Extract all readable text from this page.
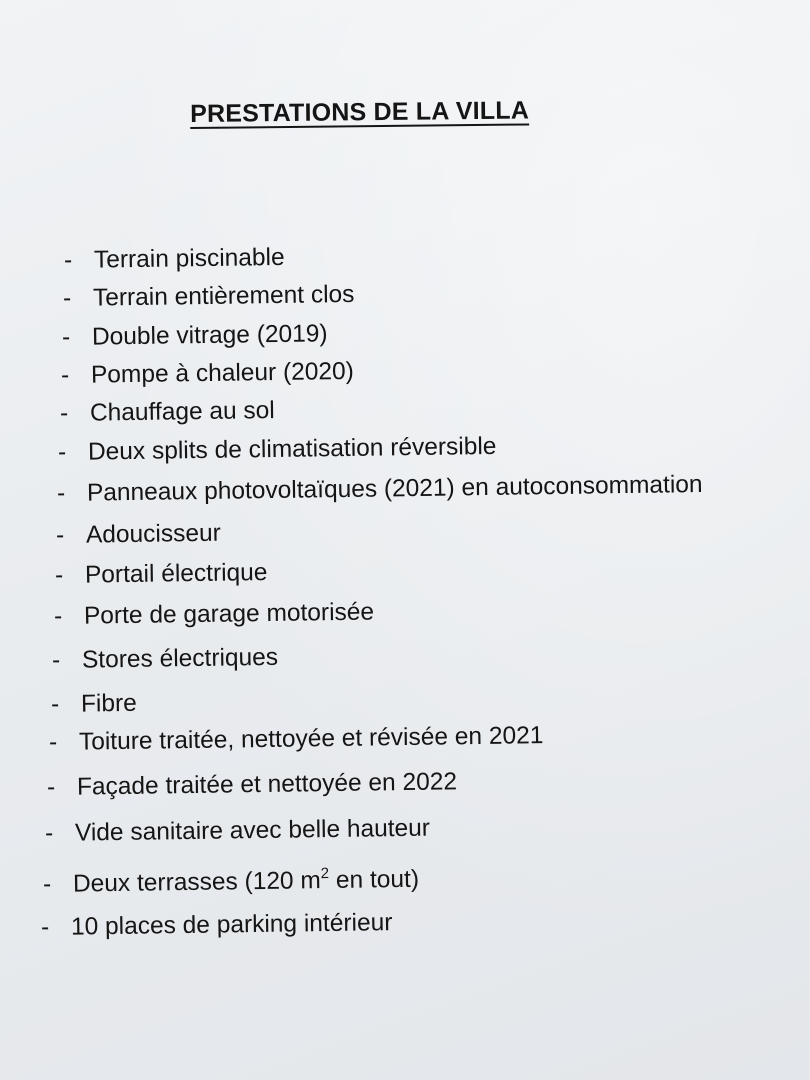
PRESTATIONS DE LA VILLA
- Terrain piscinable
- Terrain entièrement clos
- Double vitrage (2019)
- Pompe à chaleur (2020)
- Chauffage au sol
- Deux splits de climatisation réversible
- Panneaux photovoltaïques (2021) en autoconsommation
- Adoucisseur
- Portail électrique
- Porte de garage motorisée
- Stores électriques
- Fibre
- Toiture traitée, nettoyée et révisée en 2021
- Façade traitée et nettoyée en 2022
- Vide sanitaire avec belle hauteur
- Deux terrasses (120 $m^2$ en tout)
- 10 places de parking intérieur
